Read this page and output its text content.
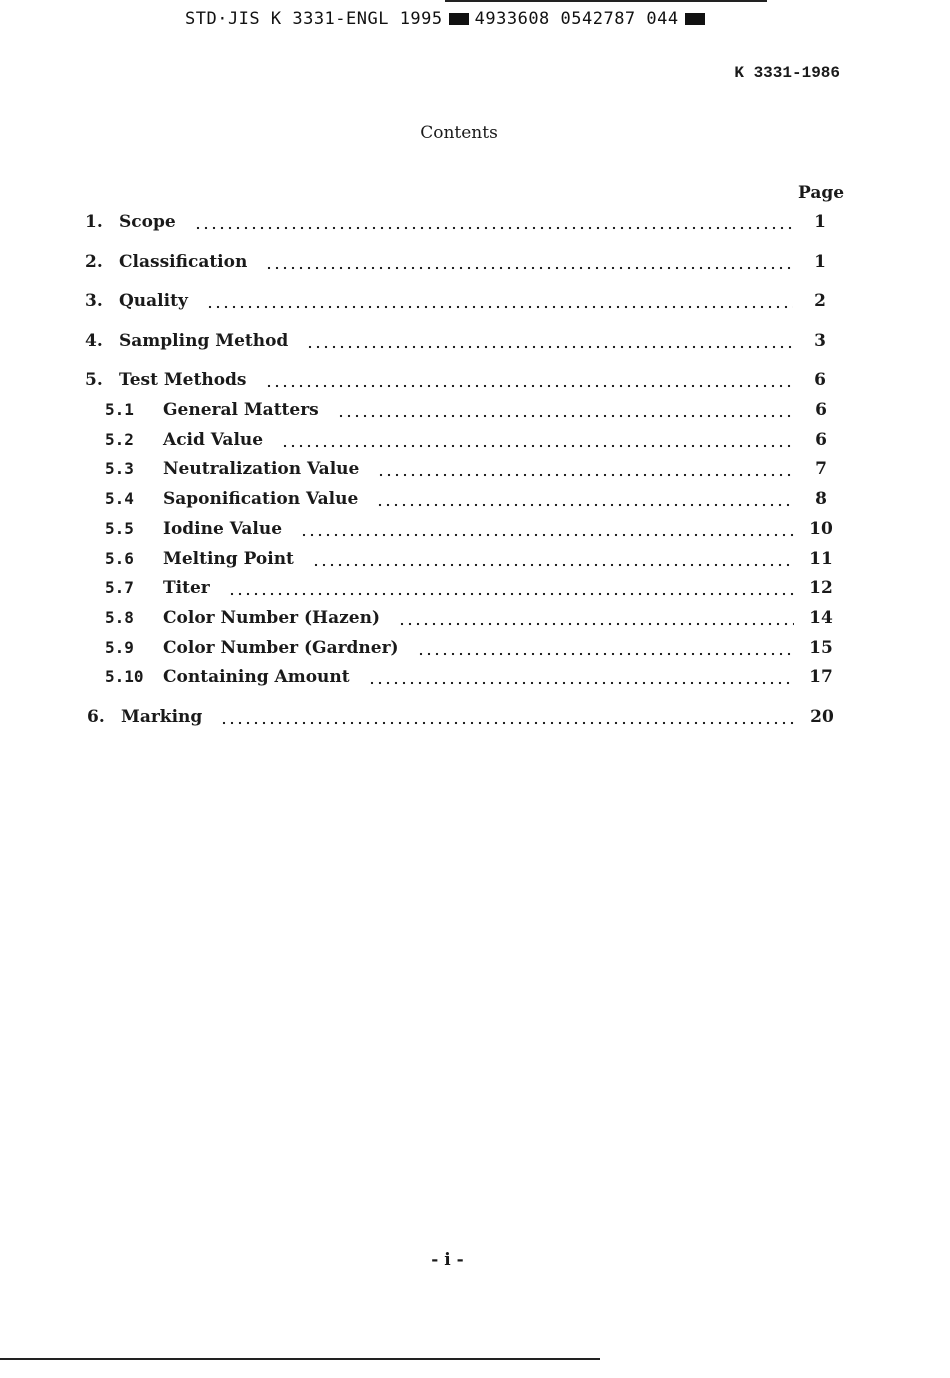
STD·JIS K 3331-ENGL 1995 4933608 0542787 044
K 3331-1986
Contents
Page
1. Scope	1
2. Classification	1
3. Quality	2
4. Sampling Method	3
5. Test Methods	6
5.1	General Matters	6
5.2	Acid Value	6
5.3	Neutralization Value	7
5.4	Saponification Value	8
5.5	Iodine Value	10
5.6	Melting Point	11
5.7	Titer	12
5.8	Color Number (Hazen)	14
5.9	Color Number (Gardner)	15
5.10	Containing Amount	17
6. Marking	20
- i -
